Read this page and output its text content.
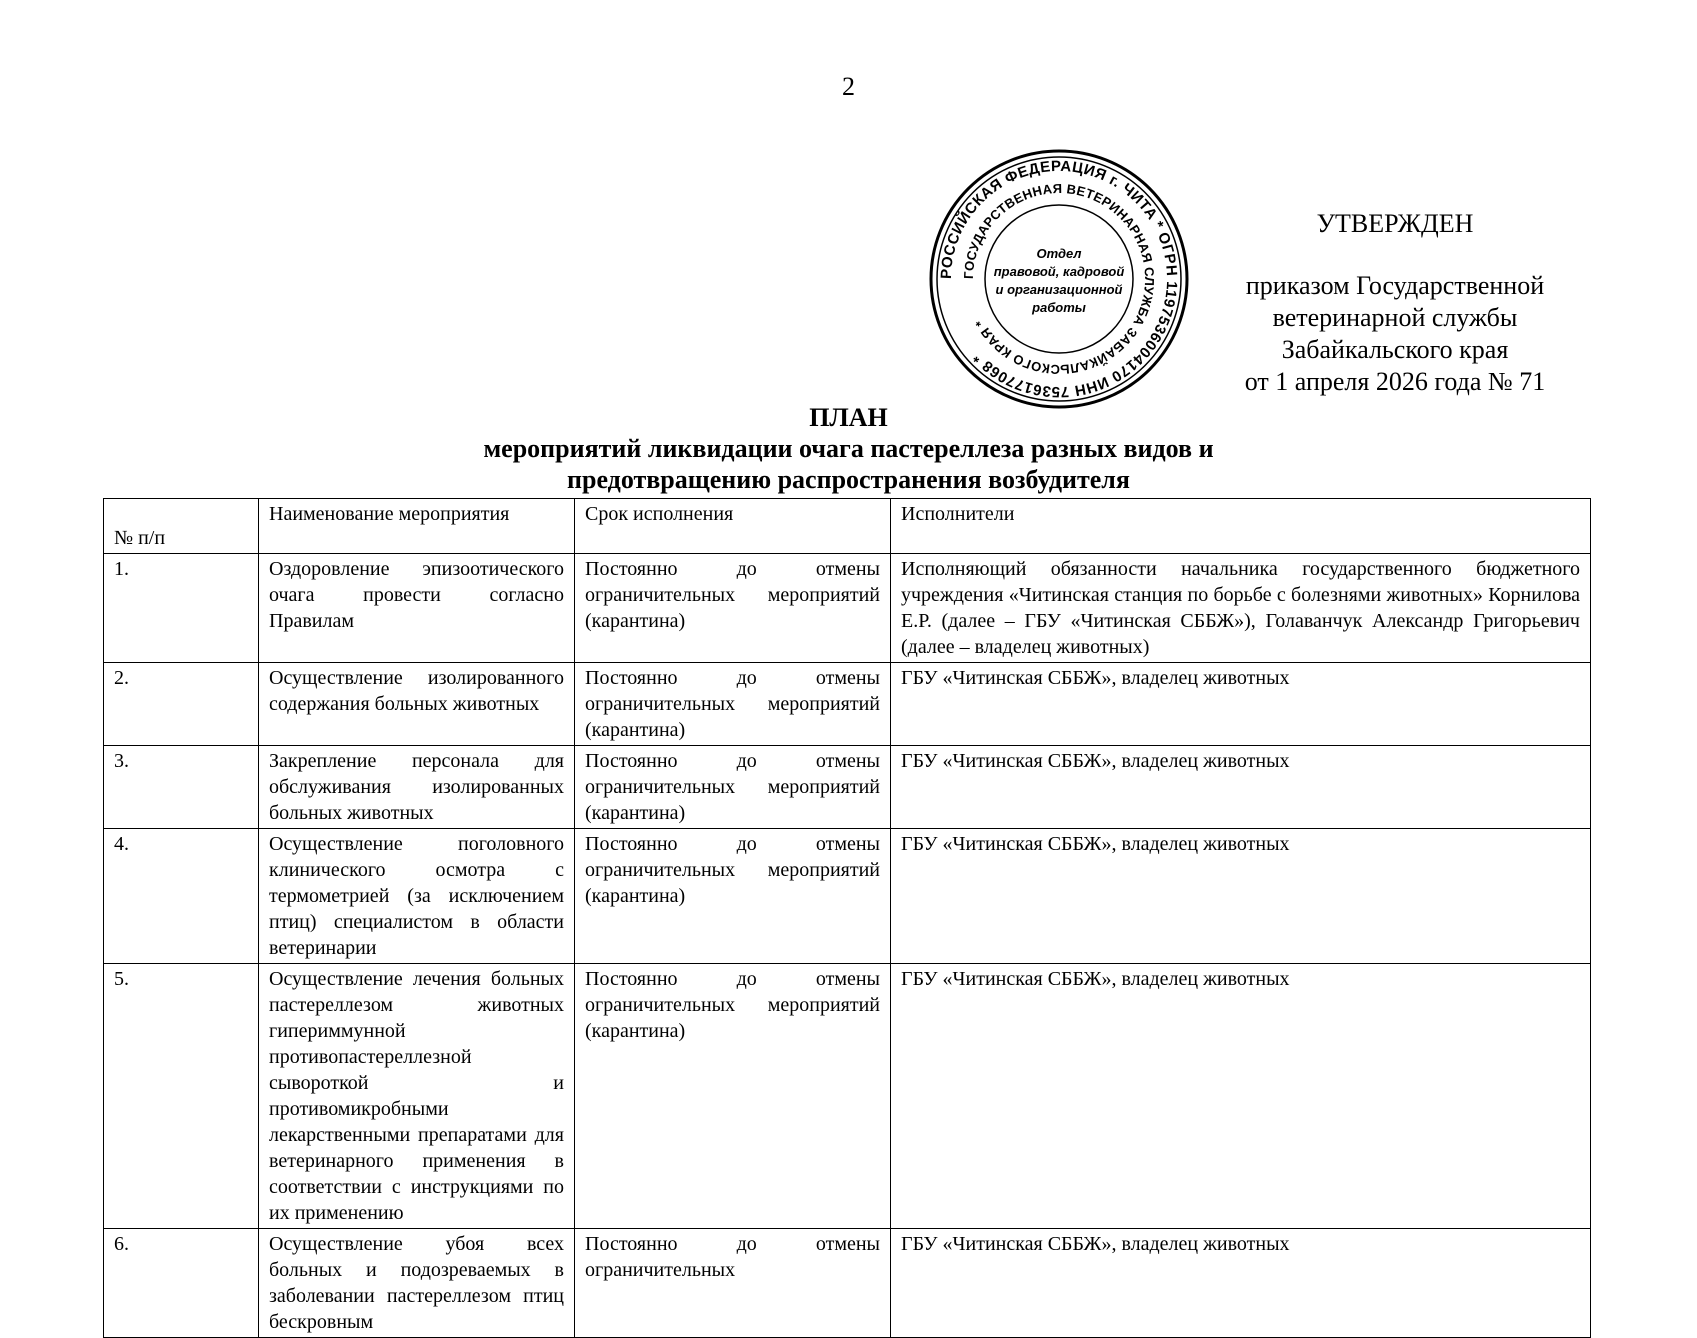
2
РОССИЙСКАЯ ФЕДЕРАЦИЯ г. ЧИТА * ОГРН 1197536004170 ИНН 7536177068 *
ГОСУДАРСТВЕННАЯ ВЕТЕРИНАРНАЯ СЛУЖБА ЗАБАЙКАЛЬСКОГО КРАЯ *
Отдел
правовой, кадровой
и организационной
работы
УТВЕРЖДЕН
приказом Государственной
ветеринарной службы
Забайкальского края
от 1 апреля 2026 года № 71
ПЛАН
мероприятий ликвидации очага пастереллеза разных видов и
предотвращению распространения возбудителя
№ п/п	Наименование мероприятия	Срок исполнения	Исполнители
1.	Оздоровление эпизоотического очага провести согласно Правилам	Постоянно до отмены ограничительных мероприятий (карантина)	Исполняющий обязанности начальника государственного бюджетного учреждения «Читинская станция по борьбе с болезнями животных» Корнилова Е.Р. (далее – ГБУ «Читинская СББЖ»), Голаванчук Александр Григорьевич (далее – владелец животных)
2.	Осуществление изолированного содержания больных животных	Постоянно до отмены ограничительных мероприятий (карантина)	ГБУ «Читинская СББЖ», владелец животных
3.	Закрепление персонала для обслуживания изолированных больных животных	Постоянно до отмены ограничительных мероприятий (карантина)	ГБУ «Читинская СББЖ», владелец животных
4.	Осуществление поголовного клинического осмотра с термометрией (за исключением птиц) специалистом в области ветеринарии	Постоянно до отмены ограничительных мероприятий (карантина)	ГБУ «Читинская СББЖ», владелец животных
5.	Осуществление лечения больных пастереллезом животных гипериммунной противопастереллезной сывороткой и противомикробными лекарственными препаратами для ветеринарного применения в соответствии с инструкциями по их применению	Постоянно до отмены ограничительных мероприятий (карантина)	ГБУ «Читинская СББЖ», владелец животных
6.	Осуществление убоя всех больных и подозреваемых в заболевании пастереллезом птиц бескровным	Постоянно до отмены ограничительных	ГБУ «Читинская СББЖ», владелец животных
